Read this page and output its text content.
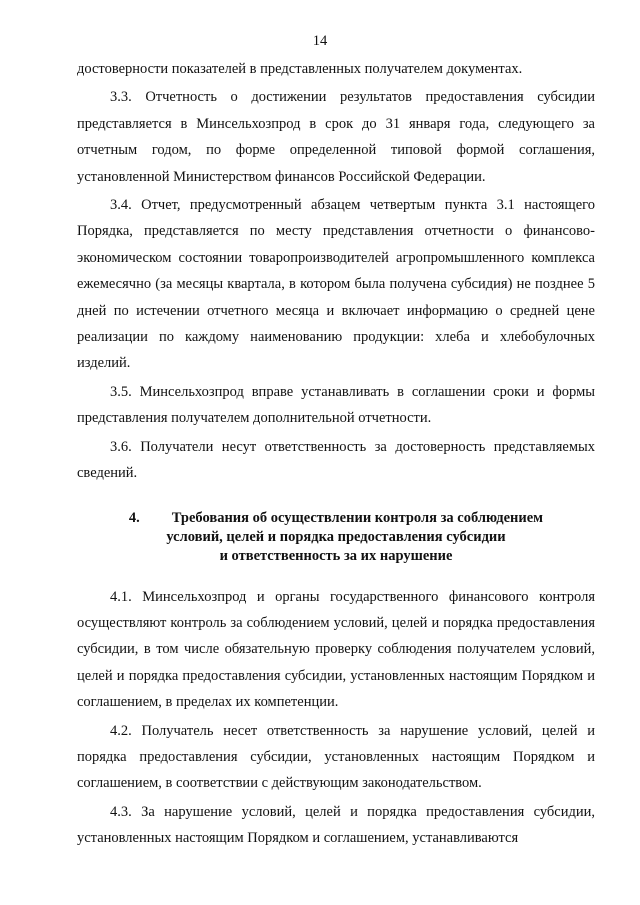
14

достоверности показателей в представленных получателем документах.

3.3. Отчетность о достижении результатов предоставления субсидии представляется в Минсельхозпрод в срок до 31 января года, следующего за отчетным годом, по форме определенной типовой формой соглашения, установленной Министерством финансов Российской Федерации.

3.4. Отчет, предусмотренный абзацем четвертым пункта 3.1 настоящего Порядка, представляется по месту представления отчетности о финансово-экономическом состоянии товаропроизводителей агропромышленного комплекса ежемесячно (за месяцы квартала, в котором была получена субсидия) не позднее 5 дней по истечении отчетного месяца и включает информацию о средней цене реализации по каждому наименованию продукции: хлеба и хлебобулочных изделий.

3.5. Минсельхозпрод вправе устанавливать в соглашении сроки и формы представления получателем дополнительной отчетности.

3.6. Получатели несут ответственность за достоверность представляемых сведений.

4. Требования об осуществлении контроля за соблюдением
условий, целей и порядка предоставления субсидии
и ответственность за их нарушение

4.1. Минсельхозпрод и органы государственного финансового контроля осуществляют контроль за соблюдением условий, целей и порядка предоставления субсидии, в том числе обязательную проверку соблюдения получателем условий, целей и порядка предоставления субсидии, установленных настоящим Порядком и соглашением, в пределах их компетенции.

4.2. Получатель несет ответственность за нарушение условий, целей и порядка предоставления субсидии, установленных настоящим Порядком и соглашением, в соответствии с действующим законодательством.

4.3. За нарушение условий, целей и порядка предоставления субсидии, установленных настоящим Порядком и соглашением, устанавливаются
